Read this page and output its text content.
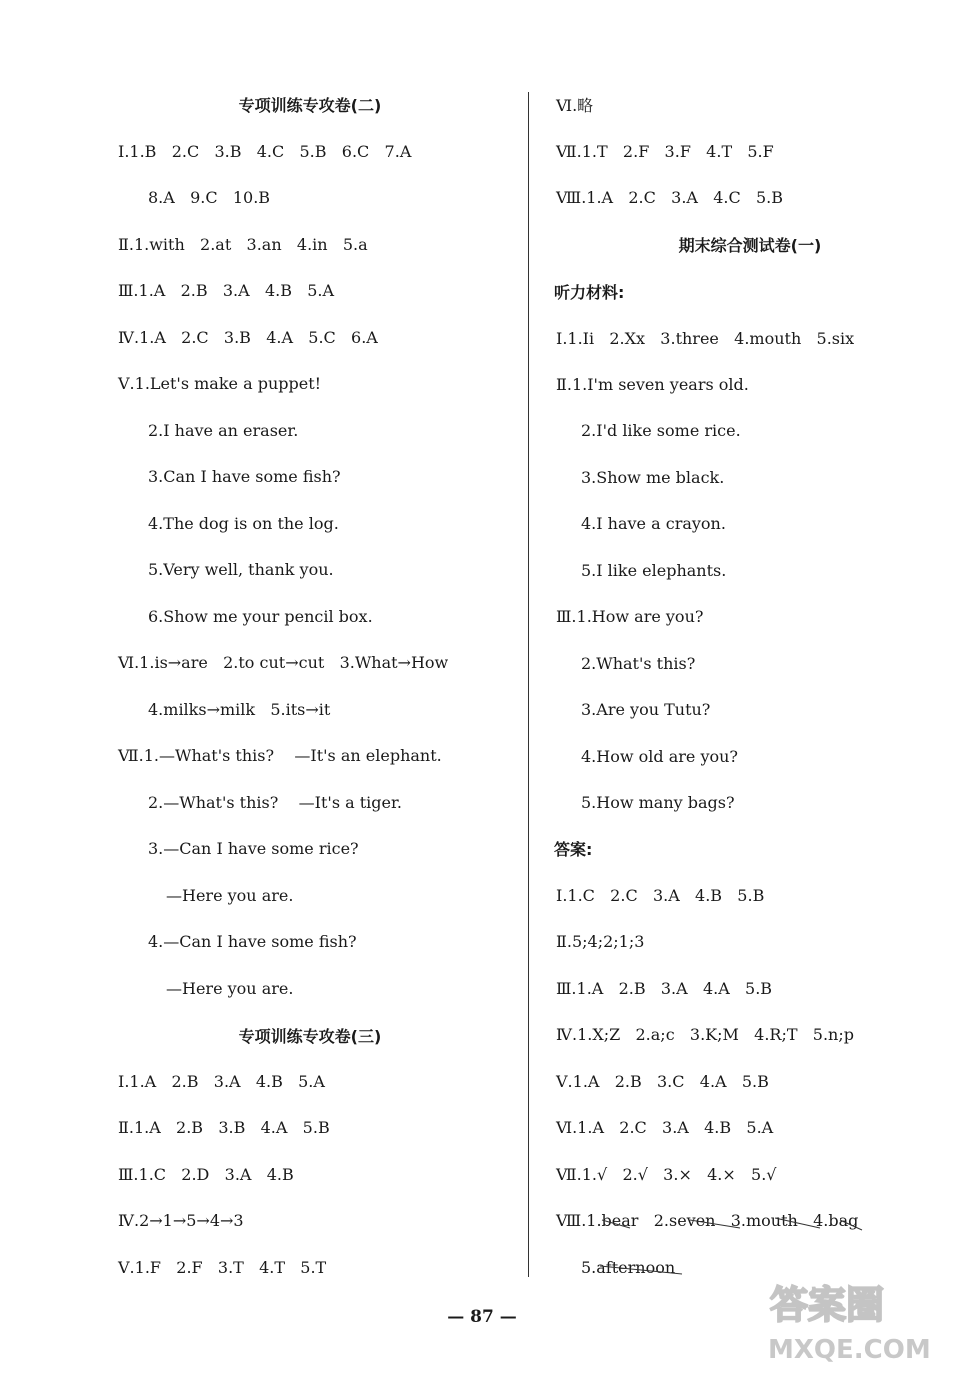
专项训练专攻卷(二)
Ⅰ.1.B   2.C   3.B   4.C   5.B   6.C   7.A
8.A   9.C   10.B
Ⅱ.1.with   2.at   3.an   4.in   5.a
Ⅲ.1.A   2.B   3.A   4.B   5.A
Ⅳ.1.A   2.C   3.B   4.A   5.C   6.A
Ⅴ.1.Let's make a puppet!
2.I have an eraser.
3.Can I have some fish?
4.The dog is on the log.
5.Very well, thank you.
6.Show me your pencil box.
Ⅵ.1.is→are   2.to cut→cut   3.What→How
4.milks→milk   5.its→it
Ⅶ.1.—What's this?    —It's an elephant.
2.—What's this?    —It's a tiger.
3.—Can I have some rice?
—Here you are.
4.—Can I have some fish?
—Here you are.
专项训练专攻卷(三)
Ⅰ.1.A   2.B   3.A   4.B   5.A
Ⅱ.1.A   2.B   3.B   4.A   5.B
Ⅲ.1.C   2.D   3.A   4.B
Ⅳ.2→1→5→4→3
Ⅴ.1.F   2.F   3.T   4.T   5.T
Ⅵ.略
Ⅶ.1.T   2.F   3.F   4.T   5.F
Ⅷ.1.A   2.C   3.A   4.C   5.B
期末综合测试卷(一)
听力材料:
Ⅰ.1.Ii   2.Xx   3.three   4.mouth   5.six
Ⅱ.1.I'm seven years old.
2.I'd like some rice.
3.Show me black.
4.I have a crayon.
5.I like elephants.
Ⅲ.1.How are you?
2.What's this?
3.Are you Tutu?
4.How old are you?
5.How many bags?
答案:
Ⅰ.1.C   2.C   3.A   4.B   5.B
Ⅱ.5;4;2;1;3
Ⅲ.1.A   2.B   3.A   4.A   5.B
Ⅳ.1.X;Z   2.a;c   3.K;M   4.R;T   5.n;p
Ⅴ.1.A   2.B   3.C   4.A   5.B
Ⅵ.1.A   2.C   3.A   4.B   5.A
Ⅶ.1.√   2.√   3.×   4.×   5.√
Ⅷ.1.bear   2.seven   3.mouth   4.bag
5.afternoon
— 87 —	答案圈
MXQE.COM
